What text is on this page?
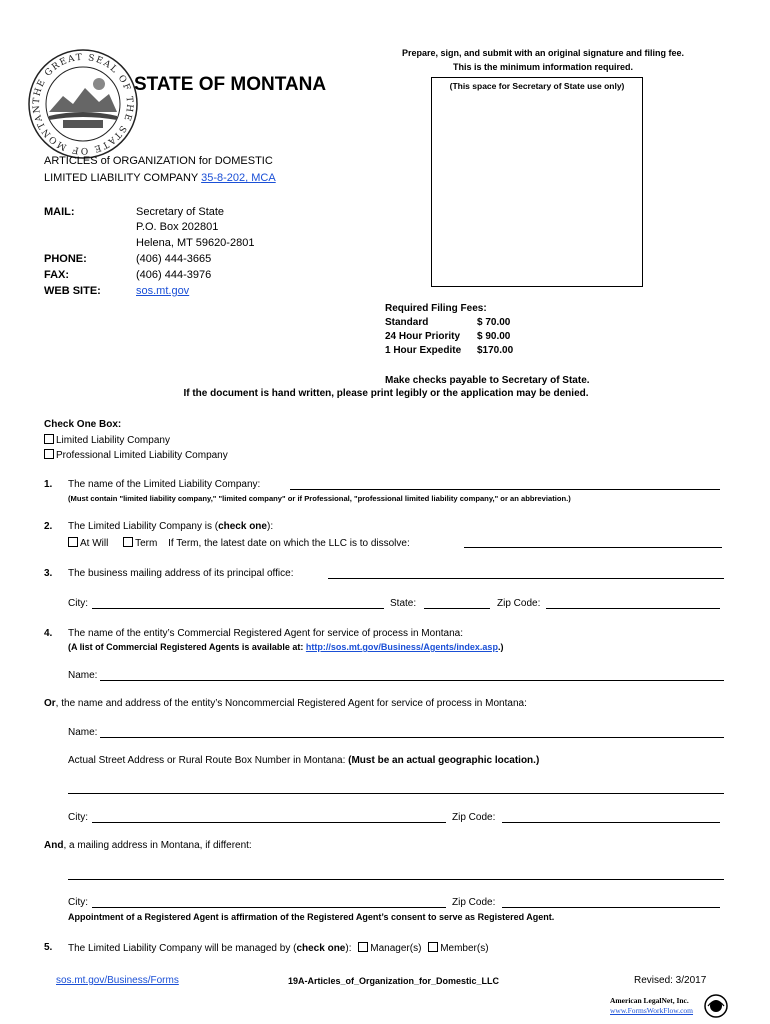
THE GREAT SEAL OF THE STATE OF MONTAN
STATE OF MONTANA
Prepare, sign, and submit with an original signature and filing fee.
This is the minimum information required.
(This space for Secretary of State use only)
ARTICLES of ORGANIZATION for DOMESTIC
LIMITED LIABILITY COMPANY 35-8-202, MCA
MAIL:	Secretary of State
P.O. Box 202801
Helena, MT 59620-2801
PHONE:	(406) 444-3665
FAX:	(406) 444-3976
WEB SITE:	sos.mt.gov
Required Filing Fees:
Standard	$ 70.00
24 Hour Priority $ 90.00
1 Hour Expedite $170.00
Make checks payable to Secretary of State.
If the document is hand written, please print legibly or the application may be denied.
Check One Box:
Limited Liability Company
Professional Limited Liability Company
1. The name of the Limited Liability Company:
(Must contain "limited liability company," "limited company" or if Professional, "professional limited liability company," or an abbreviation.)
2. The Limited Liability Company is (check one):
At Will	Term If Term, the latest date on which the LLC is to dissolve:
3. The business mailing address of its principal office:
City:	State:	Zip Code:
4. The name of the entity’s Commercial Registered Agent for service of process in Montana:
(A list of Commercial Registered Agents is available at: http://sos.mt.gov/Business/Agents/index.asp.)
Name:
Or, the name and address of the entity’s Noncommercial Registered Agent for service of process in Montana:
Name:
Actual Street Address or Rural Route Box Number in Montana: (Must be an actual geographic location.)
City:	Zip Code:
And, a mailing address in Montana, if different:
City:	Zip Code:
Appointment of a Registered Agent is affirmation of the Registered Agent’s consent to serve as Registered Agent.
5. The Limited Liability Company will be managed by (check one): Manager(s) Member(s)
sos.mt.gov/Business/Forms	19A-Articles_of_Organization_for_Domestic_LLC	Revised: 3/2017
American LegalNet, Inc.
www.FormsWorkFlow.com
